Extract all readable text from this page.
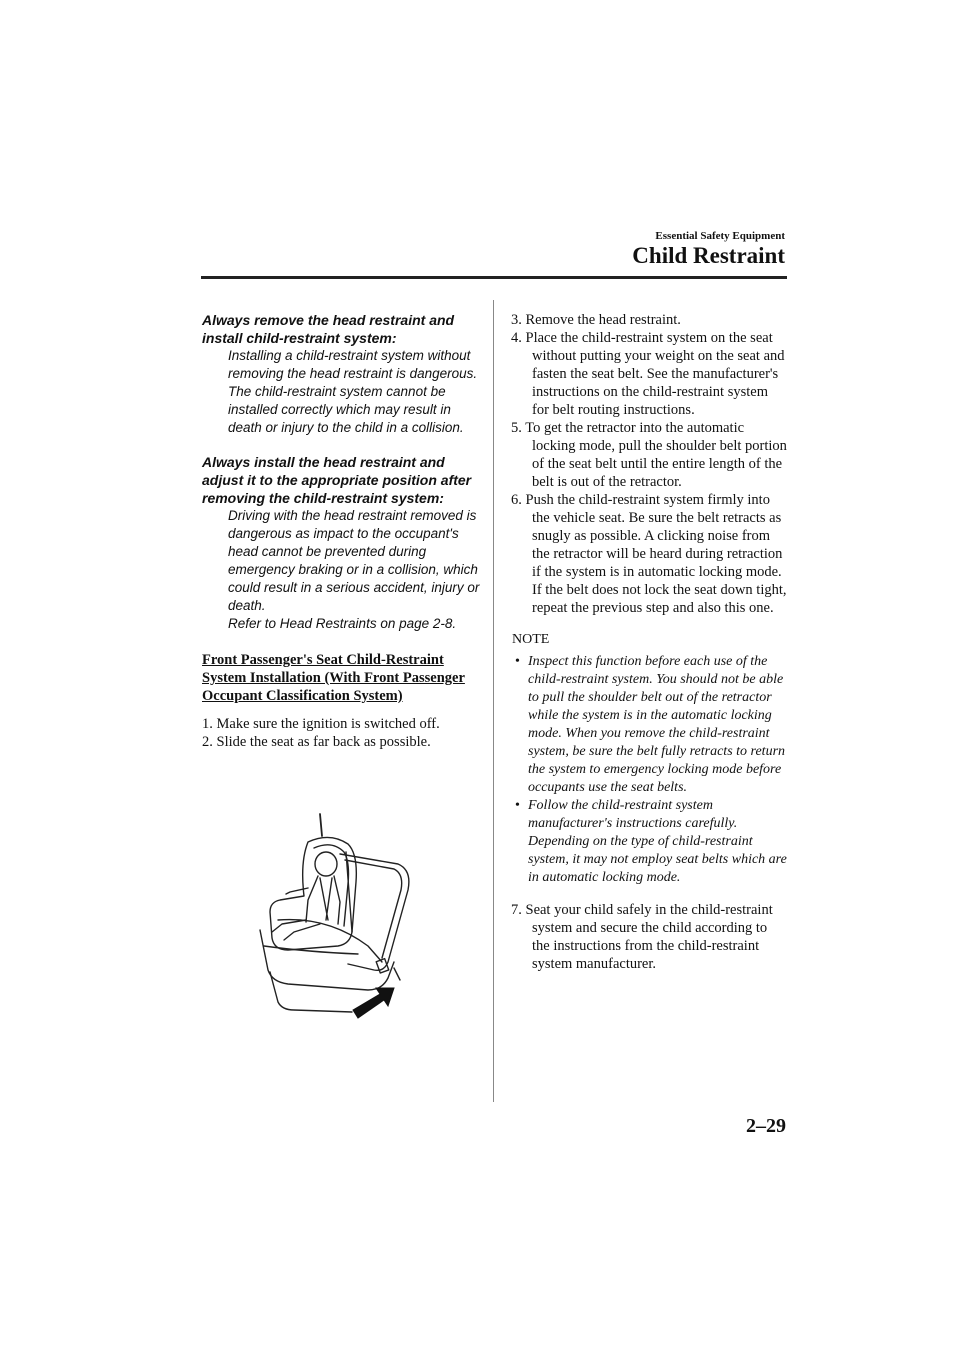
Essential Safety Equipment
Child Restraint

Always remove the head restraint and install child-restraint system:

Installing a child-restraint system without removing the head restraint is dangerous. The child-restraint system cannot be installed correctly which may result in death or injury to the child in a collision.

Always install the head restraint and adjust it to the appropriate position after removing the child-restraint system:

Driving with the head restraint removed is dangerous as impact to the occupant's head cannot be prevented during emergency braking or in a collision, which could result in a serious accident, injury or death.

Refer to Head Restraints on page 2-8.

Front Passenger's Seat Child-Restraint System Installation (With Front Passenger Occupant Classification System)

1. Make sure the ignition is switched off.

2. Slide the seat as far back as possible.

3. Remove the head restraint.

4. Place the child-restraint system on the seat without putting your weight on the seat and fasten the seat belt. See the manufacturer's instructions on the child-restraint system for belt routing instructions.

5. To get the retractor into the automatic locking mode, pull the shoulder belt portion of the seat belt until the entire length of the belt is out of the retractor.

6. Push the child-restraint system firmly into the vehicle seat. Be sure the belt retracts as snugly as possible. A clicking noise from the retractor will be heard during retraction if the system is in automatic locking mode. If the belt does not lock the seat down tight, repeat the previous step and also this one.

NOTE

• Inspect this function before each use of the child-restraint system. You should not be able to pull the shoulder belt out of the retractor while the system is in the automatic locking mode. When you remove the child-restraint system, be sure the belt fully retracts to return the system to emergency locking mode before occupants use the seat belts.

• Follow the child-restraint system manufacturer's instructions carefully. Depending on the type of child-restraint system, it may not employ seat belts which are in automatic locking mode.

7. Seat your child safely in the child-restraint system and secure the child according to the instructions from the child-restraint system manufacturer.

2–29
